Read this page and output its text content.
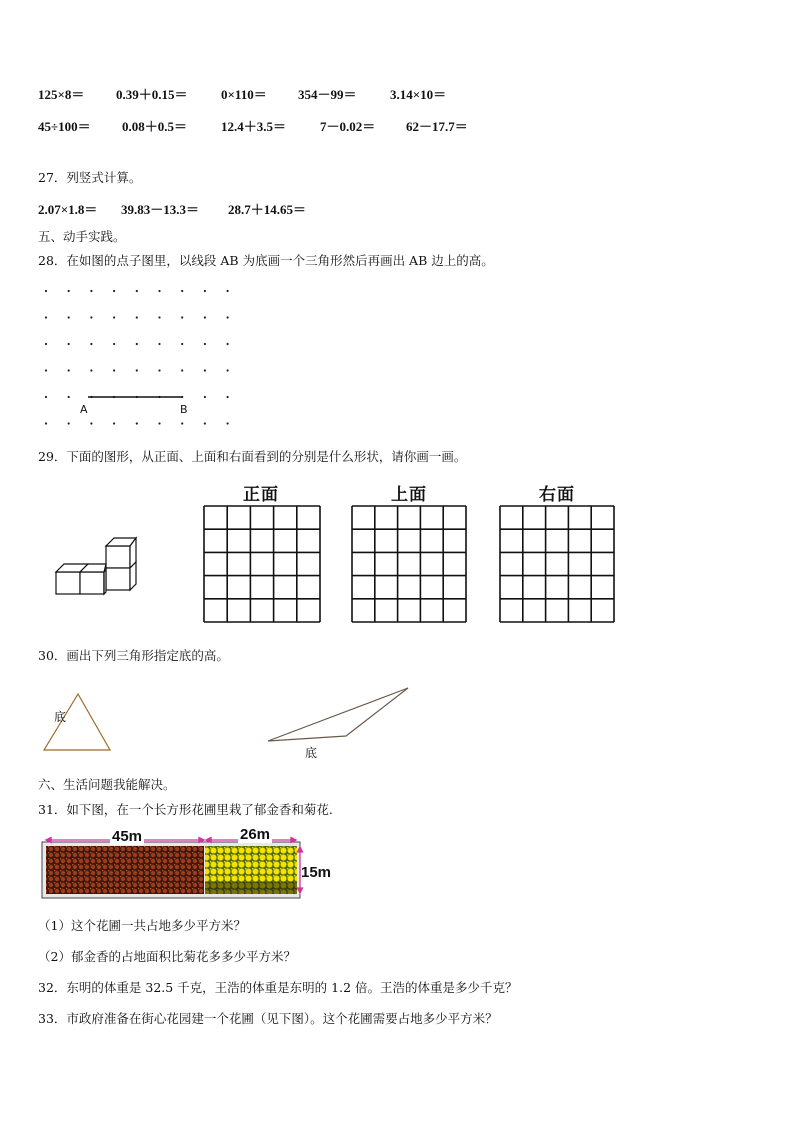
125×8＝ 0.39＋0.15＝	0×110＝ 354－99＝	3.14×10＝
45÷100＝ 0.08＋0.5＝	12.4＋3.5＝	7－0.02＝ 62－17.7＝
27．列竖式计算。
2.07×1.8＝ 39.83－13.3＝ 28.7＋14.65＝
五、动手实践。
28．在如图的点子图里，以线段 AB 为底画一个三角形然后再画出 AB 边上的高。
A	B
29．下面的图形，从正面、上面和右面看到的分别是什么形状，请你画一画。
正面	上面	右面
30．画出下列三角形指定底的高。
底
底
六、生活问题我能解决。
31．如下图，在一个长方形花圃里栽了郁金香和菊花.
45m	26m
15m
（1）这个花圃一共占地多少平方米？
（2）郁金香的占地面积比菊花多多少平方米？
32．东明的体重是 32.5 千克，王浩的体重是东明的 1.2 倍。王浩的体重是多少千克？
33．市政府准备在街心花园建一个花圃（见下图）。这个花圃需要占地多少平方米？
